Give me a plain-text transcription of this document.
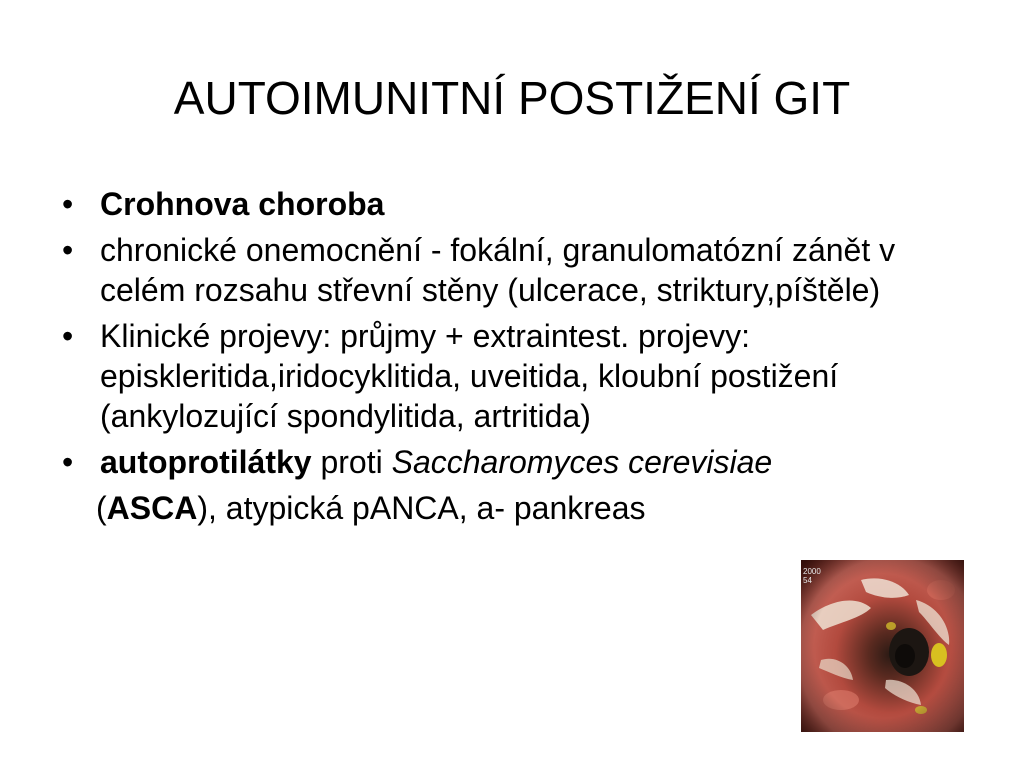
AUTOIMUNITNÍ POSTIŽENÍ GIT
• Crohnova choroba
• chronické onemocnění - fokální, granulomatózní zánět v celém rozsahu střevní stěny (ulcerace, striktury,píštěle)
• Klinické projevy: průjmy + extraintest. projevy: episkleritida,iridocyklitida, uveitida, kloubní postižení (ankylozující spondylitida, artritida)
• autoprotilátky proti Saccharomyces cerevisiae
(ASCA), atypická pANCA, a- pankreas
2000
54
